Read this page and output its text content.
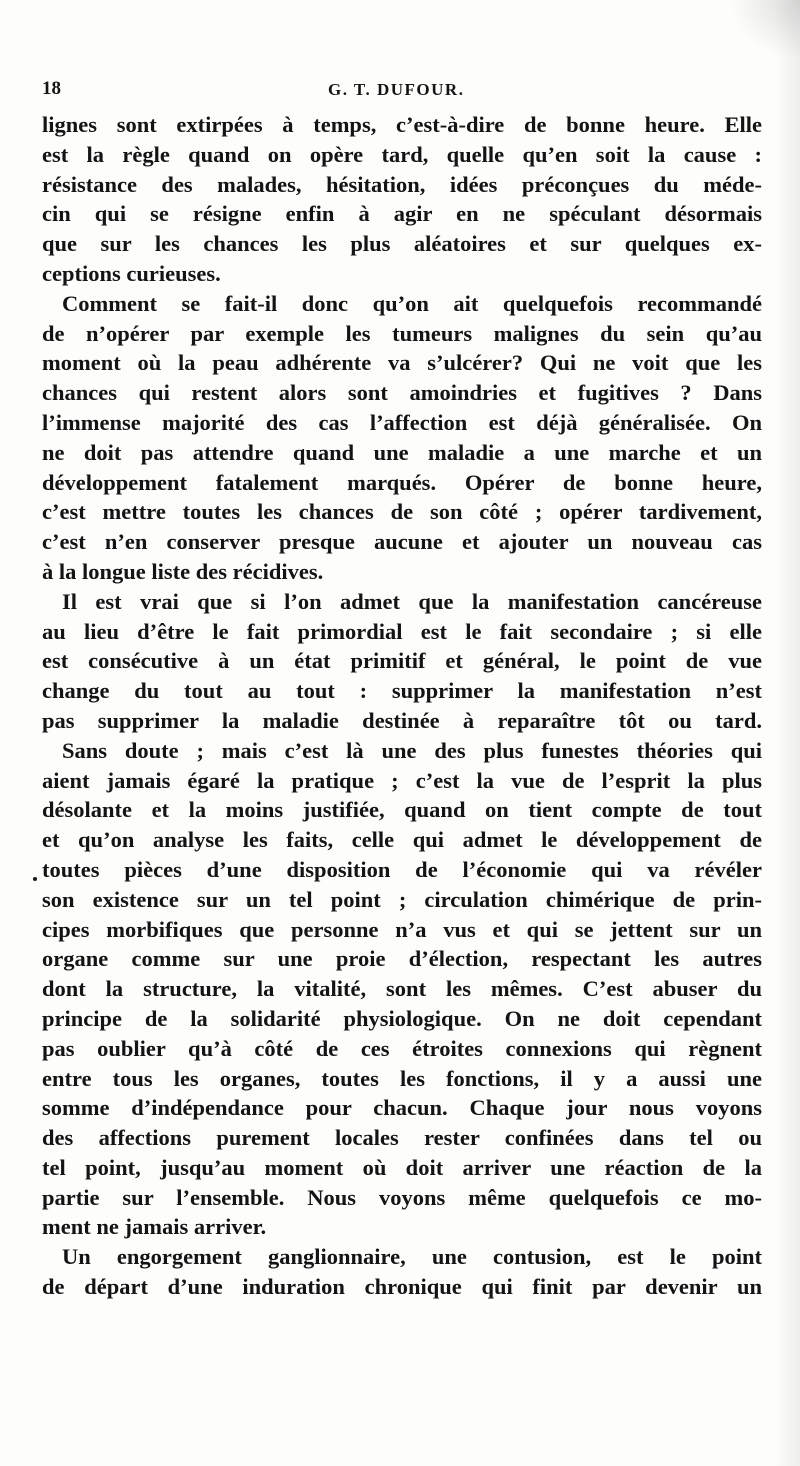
18	G. T. DUFOUR.
lignes sont extirpées à temps, c’est-à-dire de bonne heure. Elle
est la règle quand on opère tard, quelle qu’en soit la cause :
résistance des malades, hésitation, idées préconçues du méde-
cin qui se résigne enfin à agir en ne spéculant désormais
que sur les chances les plus aléatoires et sur quelques ex-
ceptions curieuses.
Comment se fait-il donc qu’on ait quelquefois recommandé
de n’opérer par exemple les tumeurs malignes du sein qu’au
moment où la peau adhérente va s’ulcérer? Qui ne voit que les
chances qui restent alors sont amoindries et fugitives ? Dans
l’immense majorité des cas l’affection est déjà généralisée. On
ne doit pas attendre quand une maladie a une marche et un
développement fatalement marqués. Opérer de bonne heure,
c’est mettre toutes les chances de son côté ; opérer tardivement,
c’est n’en conserver presque aucune et ajouter un nouveau cas
à la longue liste des récidives.
Il est vrai que si l’on admet que la manifestation cancéreuse
au lieu d’être le fait primordial est le fait secondaire ; si elle
est consécutive à un état primitif et général, le point de vue
change du tout au tout : supprimer la manifestation n’est
pas supprimer la maladie destinée à reparaître tôt ou tard.
Sans doute ; mais c’est là une des plus funestes théories qui
aient jamais égaré la pratique ; c’est la vue de l’esprit la plus
désolante et la moins justifiée, quand on tient compte de tout
et qu’on analyse les faits, celle qui admet le développement de
toutes pièces d’une disposition de l’économie qui va révéler
son existence sur un tel point ; circulation chimérique de prin-
cipes morbifiques que personne n’a vus et qui se jettent sur un
organe comme sur une proie d’élection, respectant les autres
dont la structure, la vitalité, sont les mêmes. C’est abuser du
principe de la solidarité physiologique. On ne doit cependant
pas oublier qu’à côté de ces étroites connexions qui règnent
entre tous les organes, toutes les fonctions, il y a aussi une
somme d’indépendance pour chacun. Chaque jour nous voyons
des affections purement locales rester confinées dans tel ou
tel point, jusqu’au moment où doit arriver une réaction de la
partie sur l’ensemble. Nous voyons même quelquefois ce mo-
ment ne jamais arriver.
Un engorgement ganglionnaire, une contusion, est le point
de départ d’une induration chronique qui finit par devenir un
